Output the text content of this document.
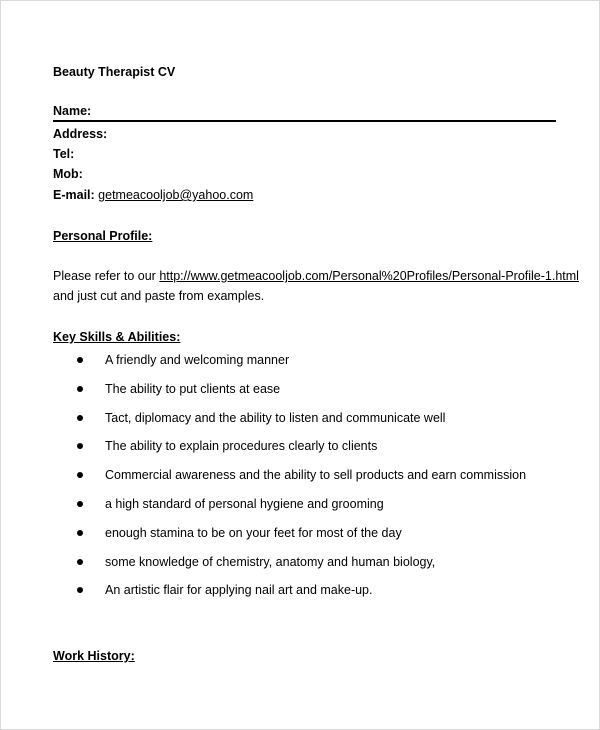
Beauty Therapist CV
Name:
Address:
Tel:
Mob:
E-mail: getmeacooljob@yahoo.com
Personal Profile:
Please refer to our http://www.getmeacooljob.com/Personal%20Profiles/Personal-Profile-1.html
and just cut and paste from examples.
Key Skills & Abilities:
A friendly and welcoming manner
The ability to put clients at ease
Tact, diplomacy and the ability to listen and communicate well
The ability to explain procedures clearly to clients
Commercial awareness and the ability to sell products and earn commission
a high standard of personal hygiene and grooming
enough stamina to be on your feet for most of the day
some knowledge of chemistry, anatomy and human biology,
An artistic flair for applying nail art and make-up.
Work History:
